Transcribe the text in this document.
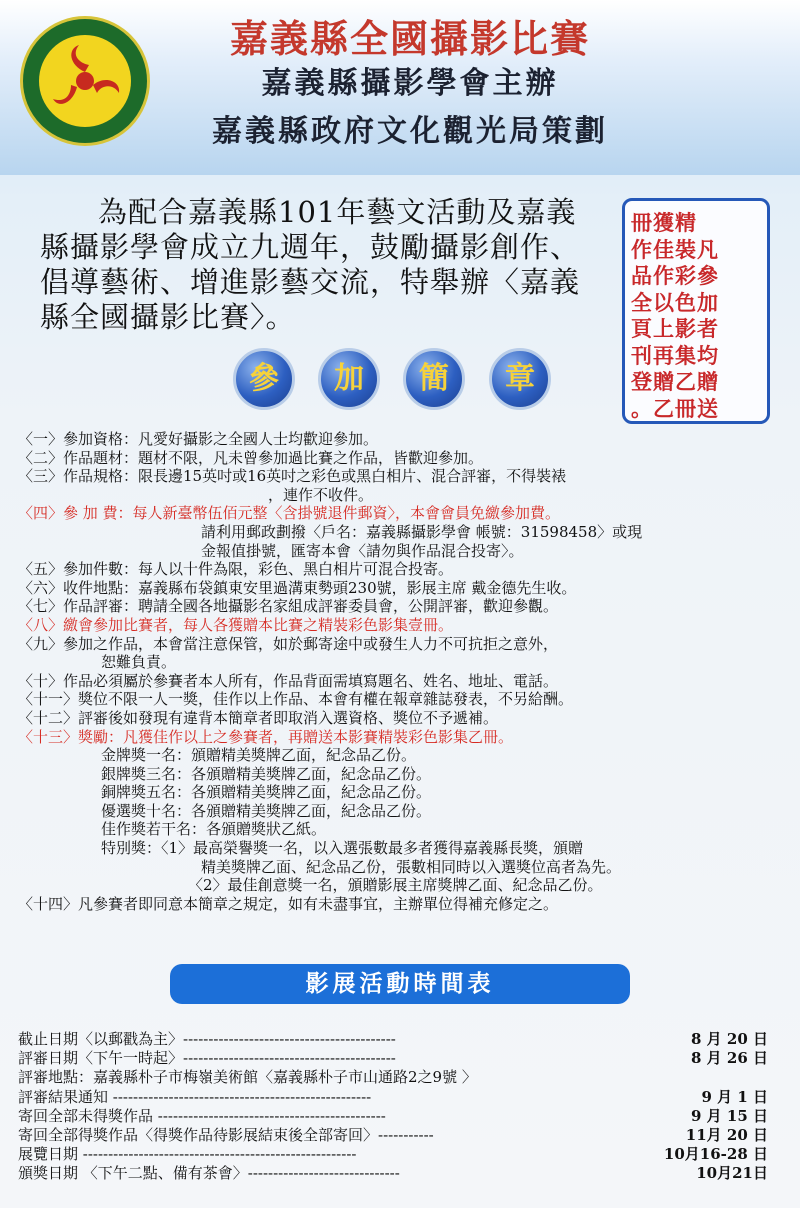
嘉義縣全國攝影比賽
嘉義縣攝影學會主辦
嘉義縣政府文化觀光局策劃
為配合嘉義縣101年藝文活動及嘉義縣攝影學會成立九週年，鼓勵攝影創作、倡導藝術、增進影藝交流，特舉辦〈嘉義縣全國攝影比賽〉。
冊獲精
作佳裝凡
品作彩參
全以色加
頁上影者
刊再集均
登贈乙贈
。乙冊送
參	加	簡	章
〈一〉參加資格：凡愛好攝影之全國人士均歡迎參加。
〈二〉作品題材：題材不限，凡未曾參加過比賽之作品，皆歡迎參加。
〈三〉作品規格：限長邊15英吋或16英吋之彩色或黑白相片、混合評審，不得裝裱
，連作不收件。
〈四〉參 加 費：每人新臺幣伍佰元整〈含掛號退件郵資〉，本會會員免繳參加費。
請利用郵政劃撥〈戶名：嘉義縣攝影學會 帳號：31598458〉或現
金報值掛號，匯寄本會〈請勿與作品混合投寄〉。
〈五〉參加件數：每人以十件為限，彩色、黑白相片可混合投寄。
〈六〉收件地點：嘉義縣布袋鎮東安里過溝東勢頭230號，影展主席 戴金德先生收。
〈七〉作品評審：聘請全國各地攝影名家組成評審委員會，公開評審，歡迎參觀。
〈八〉繳會參加比賽者，每人各獲贈本比賽之精裝彩色影集壹冊。
〈九〉參加之作品，本會當注意保管，如於郵寄途中或發生人力不可抗拒之意外，
恕難負責。
〈十〉作品必須屬於參賽者本人所有，作品背面需填寫題名、姓名、地址、電話。
〈十一〉獎位不限一人一獎，佳作以上作品、本會有權在報章雜誌發表，不另給酬。
〈十二〉評審後如發現有違背本簡章者即取消入選資格、獎位不予遞補。
〈十三〉獎勵：凡獲佳作以上之參賽者，再贈送本影賽精裝彩色影集乙冊。
金牌獎一名：頒贈精美獎牌乙面，紀念品乙份。
銀牌獎三名：各頒贈精美獎牌乙面，紀念品乙份。
銅牌獎五名：各頒贈精美獎牌乙面，紀念品乙份。
優選獎十名：各頒贈精美獎牌乙面，紀念品乙份。
佳作獎若干名：各頒贈獎狀乙紙。
特別獎：〈1〉最高榮譽獎一名，以入選張數最多者獲得嘉義縣長獎，頒贈
精美獎牌乙面、紀念品乙份，張數相同時以入選獎位高者為先。
〈2〉最佳創意獎一名，頒贈影展主席獎牌乙面、紀念品乙份。
〈十四〉凡參賽者即同意本簡章之規定，如有未盡事宜，主辦單位得補充修定之。
影展活動時間表
截止日期〈以郵戳為主〉------------------------------------------	8 月 20 日
評審日期〈下午一時起〉------------------------------------------	8 月 26 日
評審地點：嘉義縣朴子市梅嶺美術館〈嘉義縣朴子市山通路2之9號 〉
評審結果通知 ---------------------------------------------------	9 月 1 日
寄回全部未得獎作品 ---------------------------------------------	9 月 15 日
寄回全部得獎作品〈得獎作品待影展結束後全部寄回〉-----------	11月 20 日
展覽日期 ------------------------------------------------------	10月16-28 日
頒獎日期 〈下午二點、備有茶會〉------------------------------	10月21日
